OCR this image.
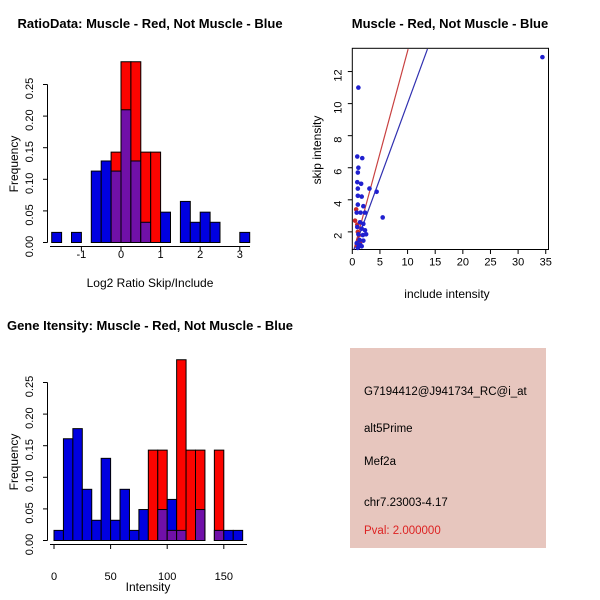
-1	0	1	2	3
0.00
0.05
0.10
0.15
0.20
0.25
0	50	100	150
0.00
0.05
0.10
0.15
0.20
0.25
0 5 10 15 20 25 30 35
2
4
6
8
10
12
RatioData: Muscle - Red, Not Muscle - Blue	Muscle - Red, Not Muscle - Blue
Gene Itensity: Muscle - Red, Not Muscle - Blue
Log2 Ratio Skip/Include
Frequency
include intensity
skip intensity
Intensity
Frequency
G7194412@J941734_RC@i_at
alt5Prime
Mef2a
chr7.23003-4.17
Pval: 2.000000
